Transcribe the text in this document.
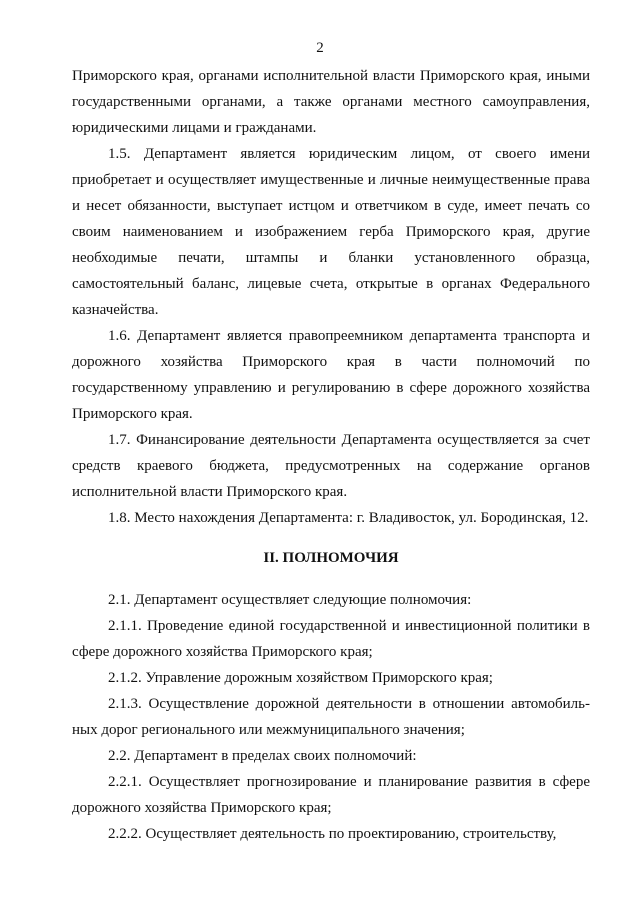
2

Приморского края, органами исполнительной власти Приморского края, иными государственными органами, а также органами местного самоуправления, юридическими лицами и гражданами.

1.5. Департамент является юридическим лицом, от своего имени приобретает и осуществляет имущественные и личные неимущественные права и несет обязанности, выступает истцом и ответчиком в суде, имеет печать со своим наименованием и изображением герба Приморского края, другие необходимые печати, штампы и бланки установленного образца, самостоятельный баланс, лицевые счета, открытые в органах Федерального казначейства.

1.6. Департамент является правопреемником департамента транспорта и дорожного хозяйства Приморского края в части полномочий по государственному управлению и регулированию в сфере дорожного хозяйства Приморского края.

1.7. Финансирование деятельности Департамента осуществляется за счет средств краевого бюджета, предусмотренных на содержание органов исполнительной власти Приморского края.

1.8. Место нахождения Департамента: г. Владивосток, ул. Бородинская, 12.

II. ПОЛНОМОЧИЯ

2.1. Департамент осуществляет следующие полномочия:

2.1.1. Проведение единой государственной и инвестиционной политики в сфере дорожного хозяйства Приморского края;

2.1.2. Управление дорожным хозяйством Приморского края;

2.1.3. Осуществление дорожной деятельности в отношении автомобиль-ных дорог регионального или межмуниципального значения;

2.2. Департамент в пределах своих полномочий:

2.2.1. Осуществляет прогнозирование и планирование развития в сфере дорожного хозяйства Приморского края;

2.2.2. Осуществляет деятельность по проектированию, строительству,
